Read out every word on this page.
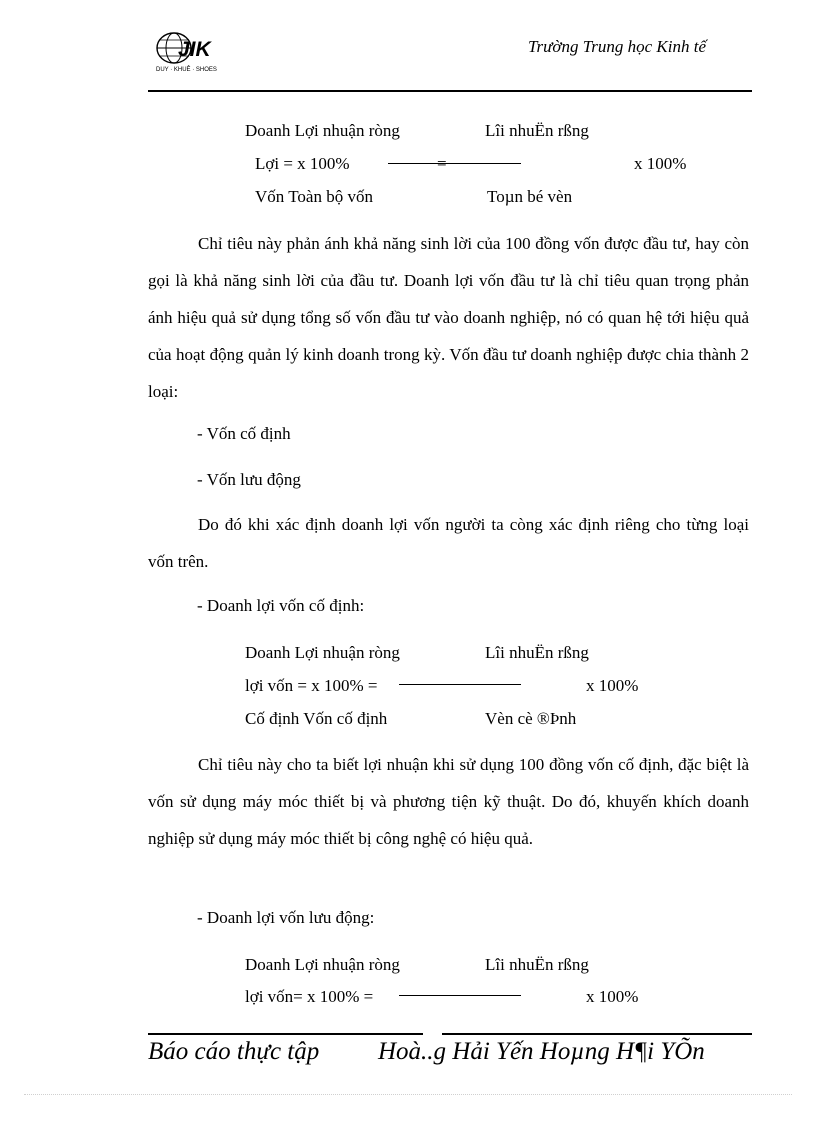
JIK
DUY · KHUÊ · SHOES
Trường Trung học Kinh tế
Doanh Lợi nhuận ròng	Lîi nhuËn rßng
Lợi = x 100%	=	x 100%
Vốn Toàn bộ vốn	Toµn bé vèn

Chỉ tiêu này phản ánh khả năng sinh lời của 100 đồng vốn được đầu tư, hay còn gọi là khả năng sinh lời của đầu tư. Doanh lợi vốn đầu tư là chỉ tiêu quan trọng phản ánh hiệu quả sử dụng tổng số vốn đầu tư vào doanh nghiệp, nó có quan hệ tới hiệu quả của hoạt động quản lý kinh doanh trong kỳ. Vốn đầu tư doanh nghiệp được chia thành 2 loại:

- Vốn cố định
- Vốn lưu động

Do đó khi xác định doanh lợi vốn người ta còng xác định riêng cho từng loại vốn trên.

- Doanh lợi vốn cố định:
Doanh Lợi nhuận ròng	Lîi nhuËn rßng
lợi vốn = x 100% =	x 100%
Cố định Vốn cố định	Vèn cè ®Þnh

Chỉ tiêu này cho ta biết lợi nhuận khi sử dụng 100 đồng vốn cố định, đặc biệt là vốn sử dụng máy móc thiết bị và phương tiện kỹ thuật. Do đó, khuyến khích doanh nghiệp sử dụng máy móc thiết bị công nghệ có hiệu quả.

- Doanh lợi vốn lưu động:
Doanh Lợi nhuận ròng	Lîi nhuËn rßng
lợi vốn= x 100% =	x 100%
Báo cáo thực tập Hoà..g Hải Yến Hoµng H¶i YÕn
